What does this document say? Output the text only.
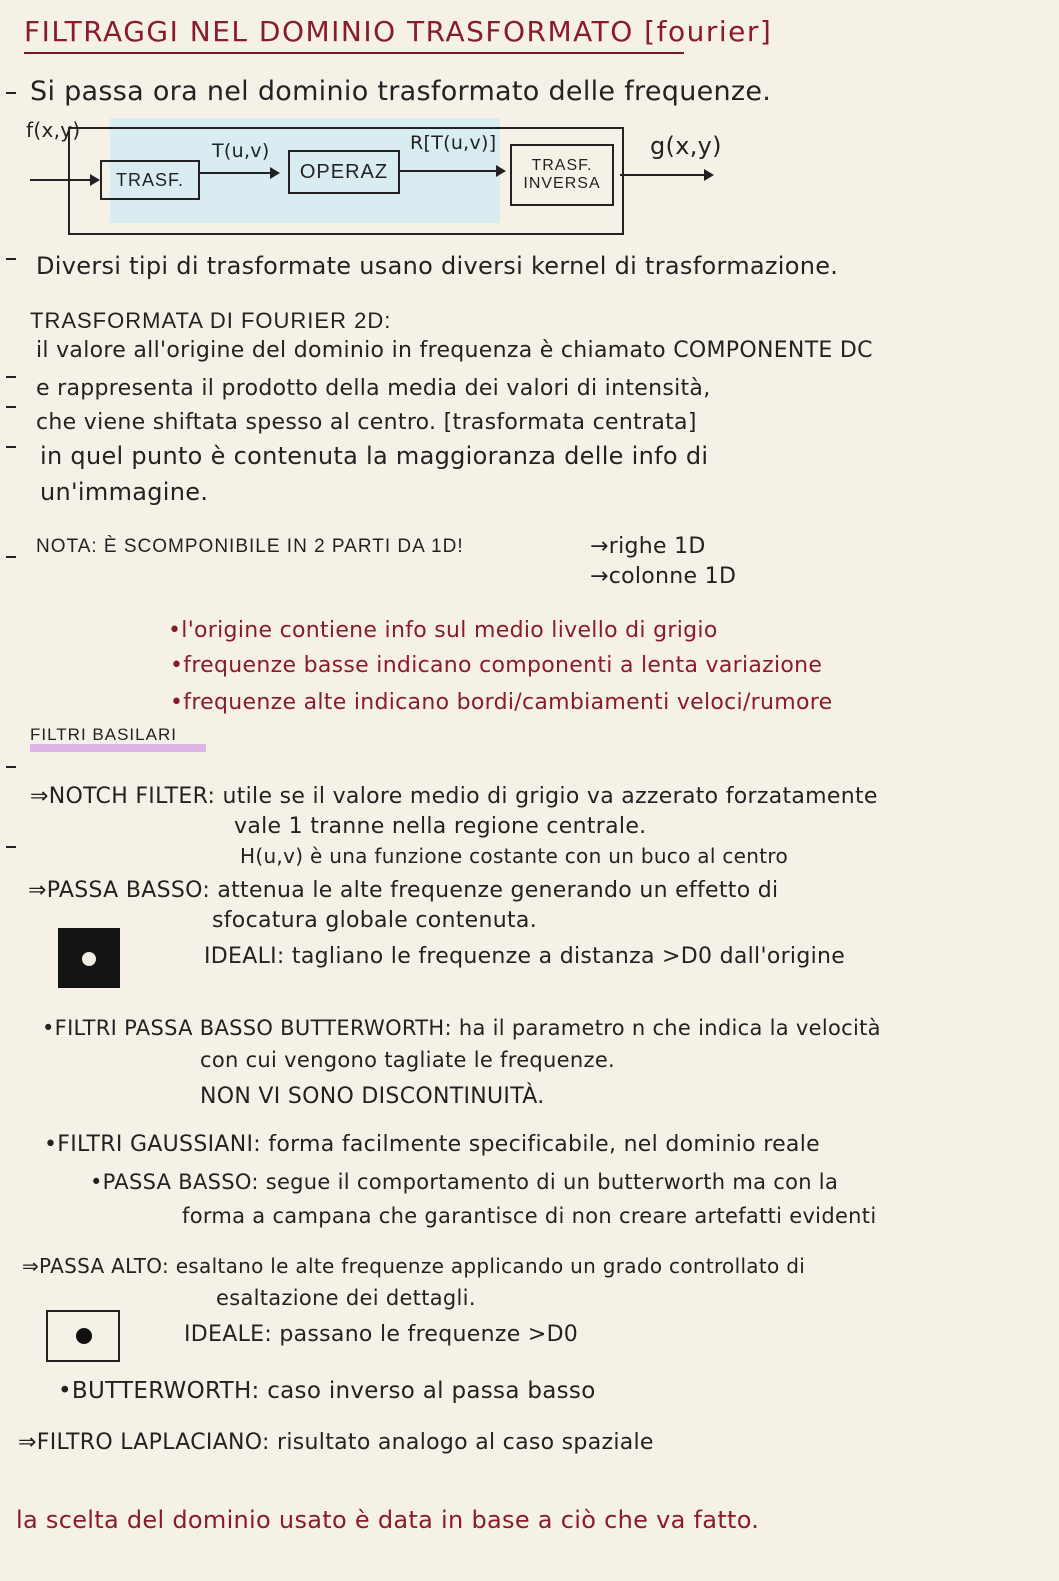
FILTRAGGI NEL DOMINIO TRASFORMATO [fourier]
Si passa ora nel dominio trasformato delle frequenze.
f(x,y)
TRASF.
T(u,v)
OPERAZ
R[T(u,v)]
TRASF.
INVERSA
g(x,y)
Diversi tipi di trasformate usano diversi kernel di trasformazione.
TRASFORMATA DI FOURIER 2D:
il valore all'origine del dominio in frequenza è chiamato COMPONENTE DC
e rappresenta il prodotto della media dei valori di intensità,
che viene shiftata spesso al centro. [trasformata centrata]
in quel punto è contenuta la maggioranza delle info di
un'immagine.
NOTA: È SCOMPONIBILE IN 2 PARTI DA 1D!	→righe 1D
→colonne 1D
•l'origine contiene info sul medio livello di grigio
•frequenze basse indicano componenti a lenta variazione
•frequenze alte indicano bordi/cambiamenti veloci/rumore
FILTRI BASILARI
⇒NOTCH FILTER: utile se il valore medio di grigio va azzerato forzatamente
vale 1 tranne nella regione centrale.
H(u,v) è una funzione costante con un buco al centro
⇒PASSA BASSO: attenua le alte frequenze generando un effetto di
sfocatura globale contenuta.
IDEALI: tagliano le frequenze a distanza >D0 dall'origine
•FILTRI PASSA BASSO BUTTERWORTH: ha il parametro n che indica la velocità
con cui vengono tagliate le frequenze.
NON VI SONO DISCONTINUITÀ.
•FILTRI GAUSSIANI: forma facilmente specificabile, nel dominio reale
•PASSA BASSO: segue il comportamento di un butterworth ma con la
forma a campana che garantisce di non creare artefatti evidenti
⇒PASSA ALTO: esaltano le alte frequenze applicando un grado controllato di
esaltazione dei dettagli.
IDEALE: passano le frequenze >D0
•BUTTERWORTH: caso inverso al passa basso
⇒FILTRO LAPLACIANO: risultato analogo al caso spaziale
la scelta del dominio usato è data in base a ciò che va fatto.
